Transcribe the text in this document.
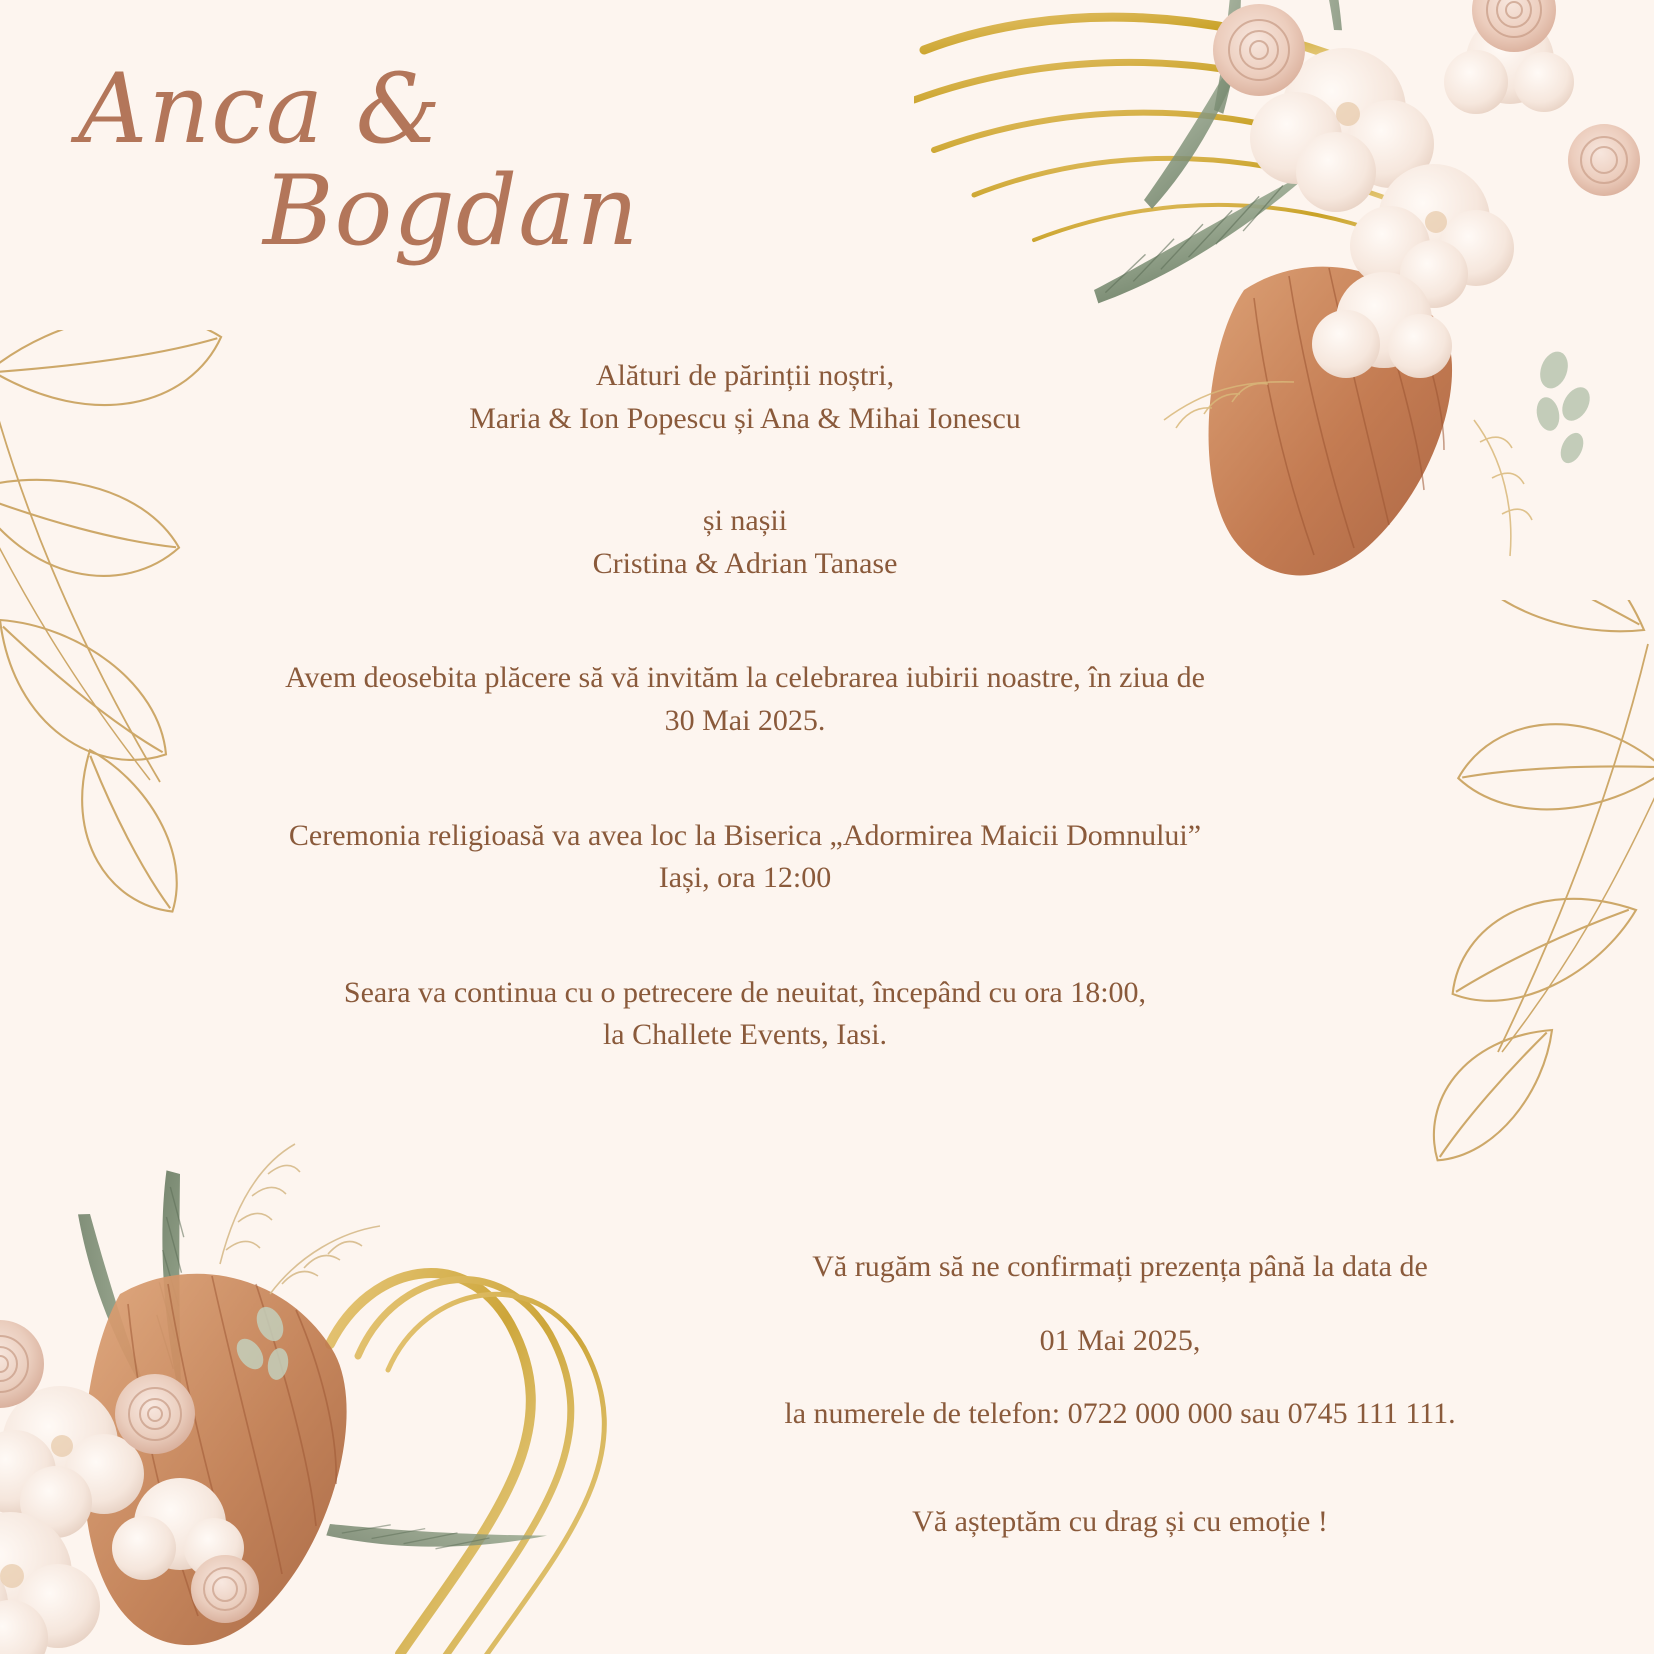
Anca &
Bogdan

Alături de părinții noștri,

Maria & Ion Popescu și Ana & Mihai Ionescu

și nașii

Cristina & Adrian Tanase

Avem deosebita plăcere să vă invităm la celebrarea iubirii noastre, în ziua de

30 Mai 2025.

Ceremonia religioasă va avea loc la Biserica „Adormirea Maicii Domnului”

Iași, ora 12:00

Seara va continua cu o petrecere de neuitat, începând cu ora 18:00,

la Challete Events, Iasi.

Vă rugăm să ne confirmați prezența până la data de

01 Mai 2025,

la numerele de telefon: 0722 000 000 sau 0745 111 111.

Vă așteptăm cu drag și cu emoție !
